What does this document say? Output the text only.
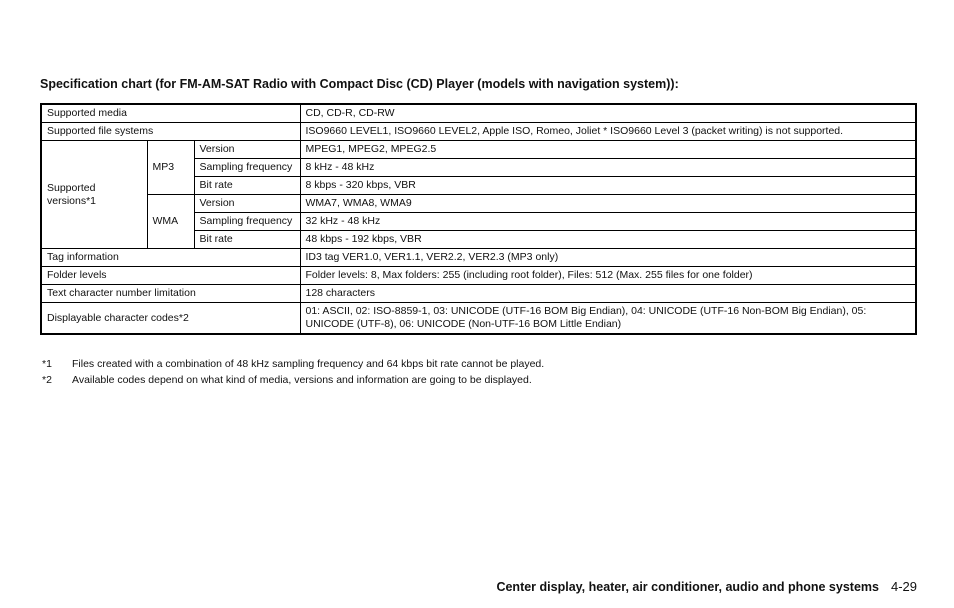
Specification chart (for FM-AM-SAT Radio with Compact Disc (CD) Player (models with navigation system)):
Supported media			CD, CD-R, CD-RW
Supported file systems			ISO9660 LEVEL1, ISO9660 LEVEL2, Apple ISO, Romeo, Joliet * ISO9660 Level 3 (packet writing) is not supported.
Supported versions*1	MP3	Version	MPEG1, MPEG2, MPEG2.5
		Sampling frequency	8 kHz - 48 kHz
		Bit rate	8 kbps - 320 kbps, VBR
	WMA	Version	WMA7, WMA8, WMA9
		Sampling frequency	32 kHz - 48 kHz
		Bit rate	48 kbps - 192 kbps, VBR
Tag information			ID3 tag VER1.0, VER1.1, VER2.2, VER2.3 (MP3 only)
Folder levels			Folder levels: 8, Max folders: 255 (including root folder), Files: 512 (Max. 255 files for one folder)
Text character number limitation			128 characters
Displayable character codes*2			01: ASCII, 02: ISO-8859-1, 03: UNICODE (UTF-16 BOM Big Endian), 04: UNICODE (UTF-16 Non-BOM Big Endian), 05: UNICODE (UTF-8), 06: UNICODE (Non-UTF-16 BOM Little Endian)
*1	Files created with a combination of 48 kHz sampling frequency and 64 kbps bit rate cannot be played.
*2	Available codes depend on what kind of media, versions and information are going to be displayed.
Center display, heater, air conditioner, audio and phone systems 4-29
